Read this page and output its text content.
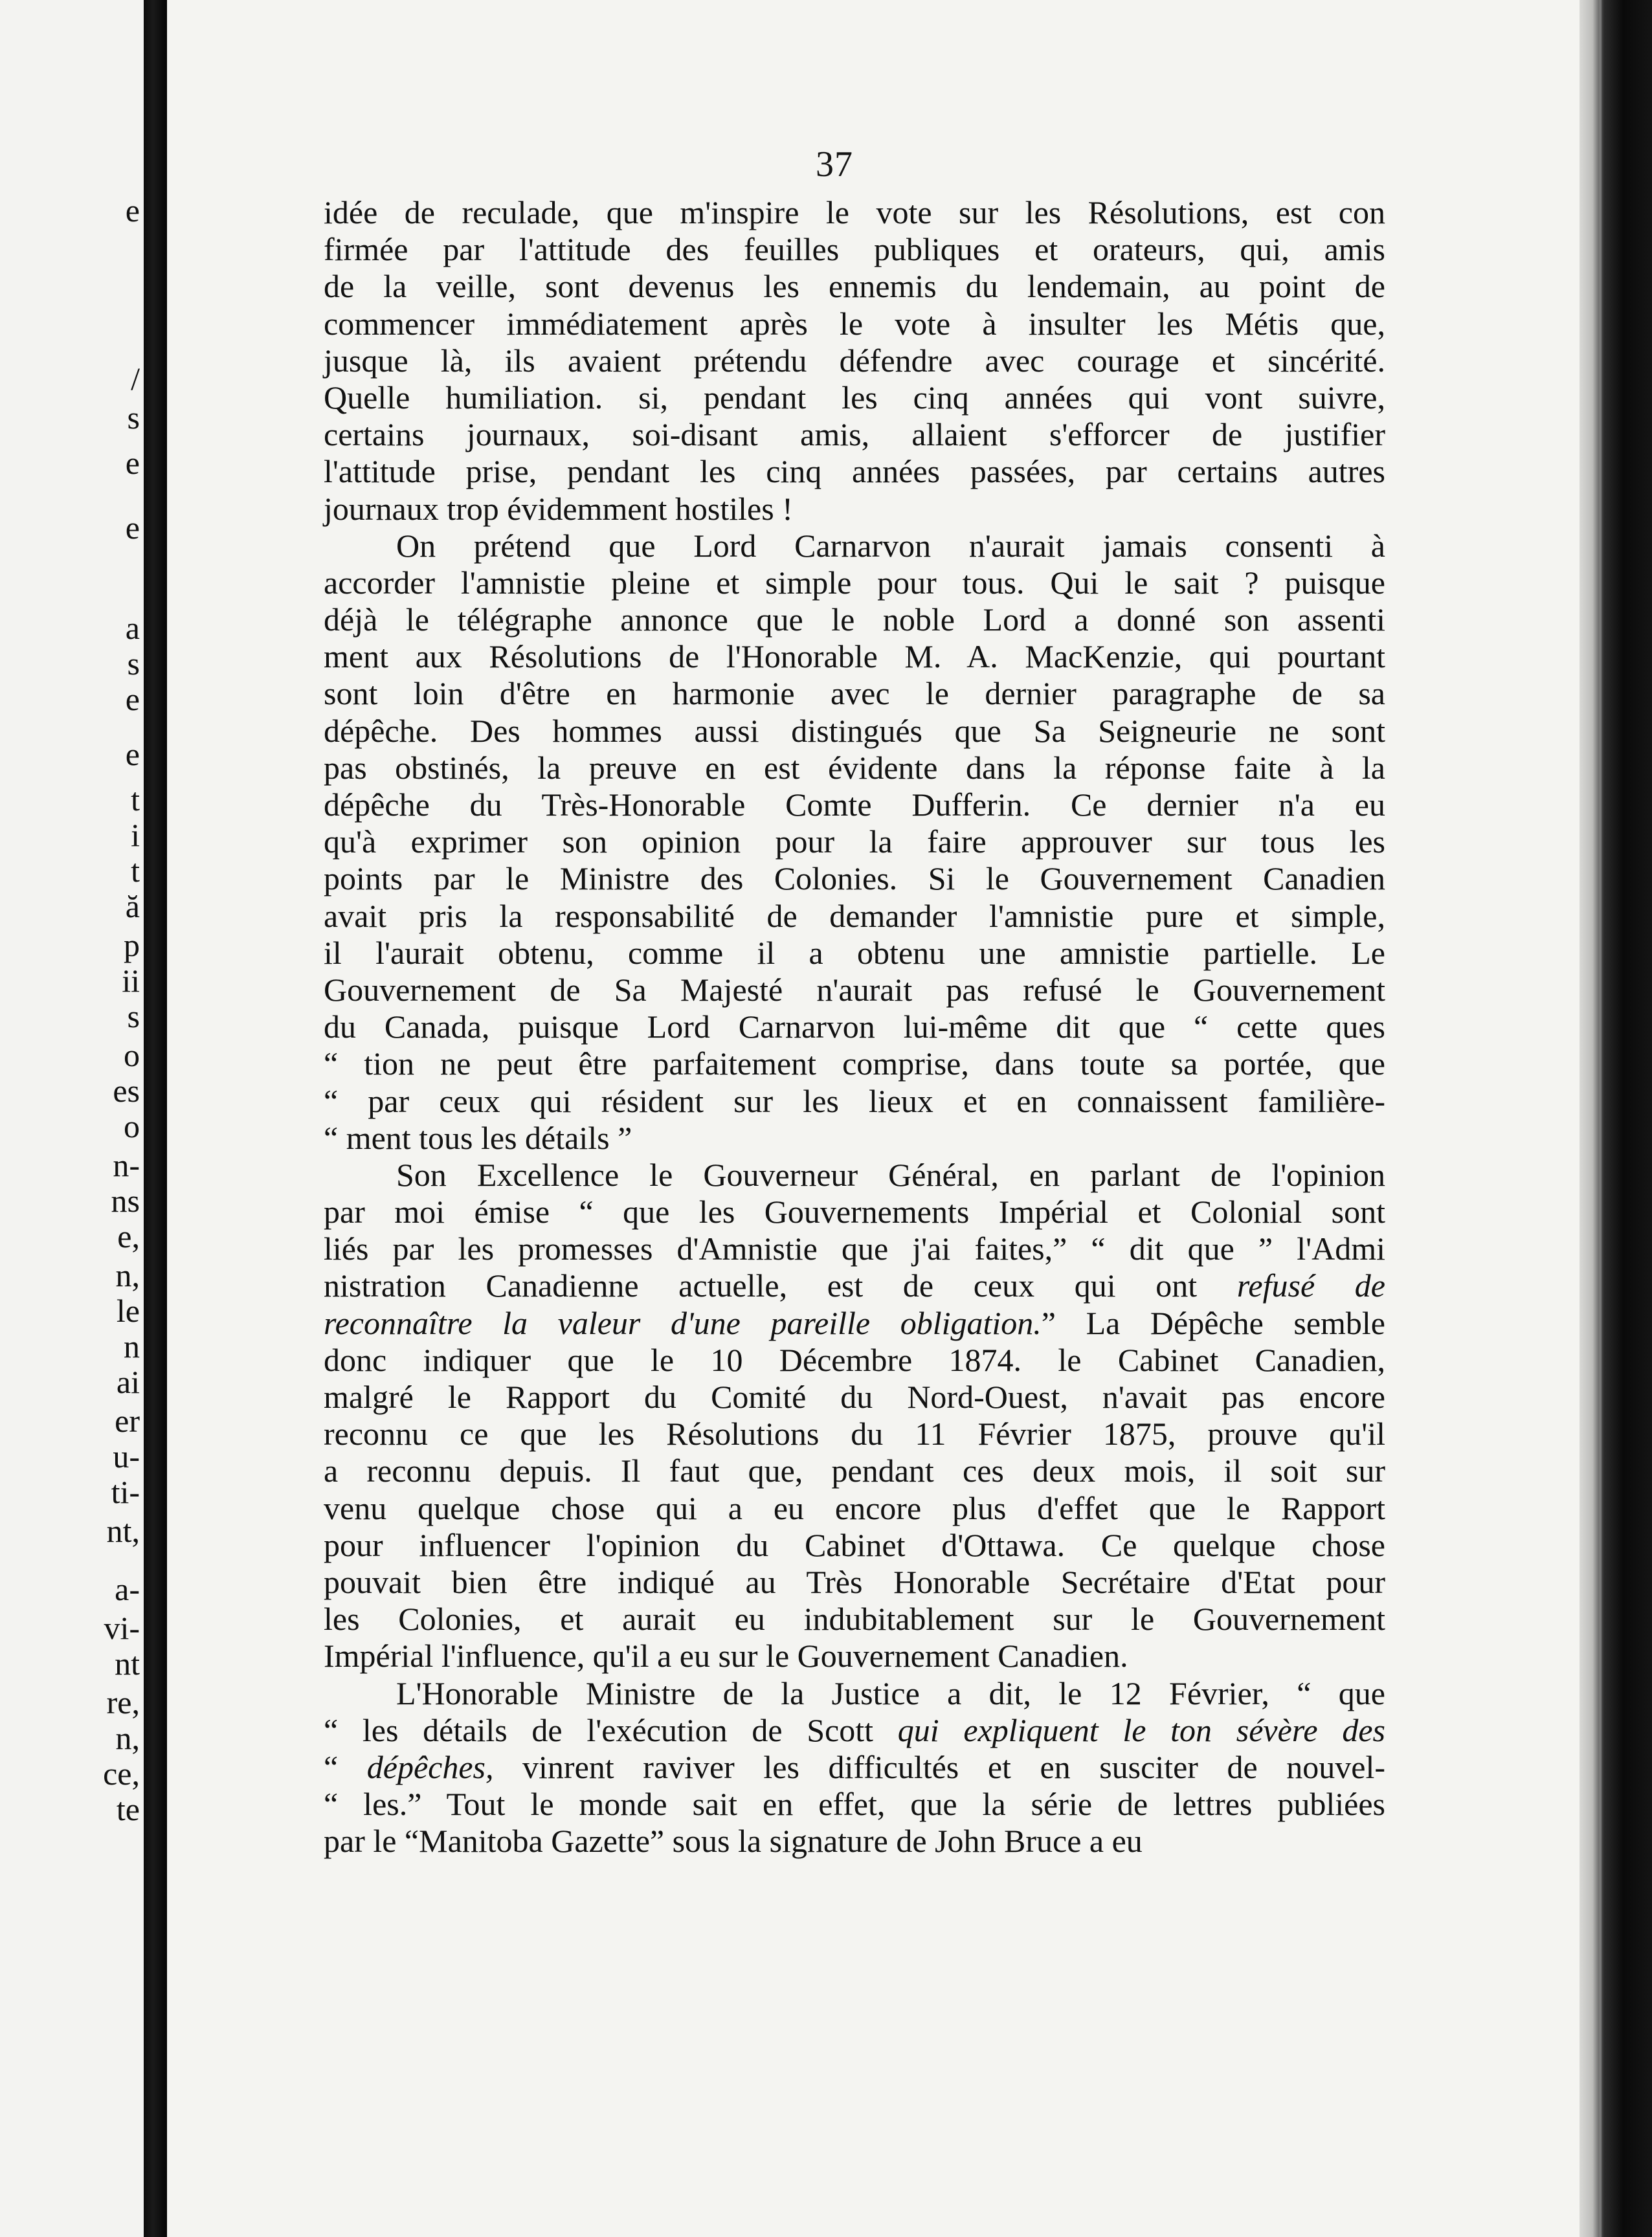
e
/
s
e
e
a
s
e
e
t
i
t
ă
p
ii
s
o
es
o
n-
ns
e,
n,
le
n
ai
er
u-
ti-
nt,
a-
vi-
nt
re,
n,
ce,
te
37
idée de reculade, que m'inspire le vote sur les Résolutions, est con
firmée par l'attitude des feuilles publiques et orateurs, qui, amis
de la veille, sont devenus les ennemis du lendemain, au point de
commencer immédiatement après le vote à insulter les Métis que,
jusque là, ils avaient prétendu défendre avec courage et sincérité.
Quelle humiliation. si, pendant les cinq années qui vont suivre,
certains journaux, soi-disant amis, allaient s'efforcer de justifier
l'attitude prise, pendant les cinq années passées, par certains autres
journaux trop évidemment hostiles !
On prétend que Lord Carnarvon n'aurait jamais consenti à
accorder l'amnistie pleine et simple pour tous. Qui le sait ? puisque
déjà le télégraphe annonce que le noble Lord a donné son assenti
ment aux Résolutions de l'Honorable M. A. MacKenzie, qui pourtant
sont loin d'être en harmonie avec le dernier paragraphe de sa
dépêche. Des hommes aussi distingués que Sa Seigneurie ne sont
pas obstinés, la preuve en est évidente dans la réponse faite à la
dépêche du Très-Honorable Comte Dufferin. Ce dernier n'a eu
qu'à exprimer son opinion pour la faire approuver sur tous les
points par le Ministre des Colonies. Si le Gouvernement Canadien
avait pris la responsabilité de demander l'amnistie pure et simple,
il l'aurait obtenu, comme il a obtenu une amnistie partielle. Le
Gouvernement de Sa Majesté n'aurait pas refusé le Gouvernement
du Canada, puisque Lord Carnarvon lui-même dit que “ cette ques
“ tion ne peut être parfaitement comprise, dans toute sa portée, que
“ par ceux qui résident sur les lieux et en connaissent familière-
“ ment tous les détails ”
Son Excellence le Gouverneur Général, en parlant de l'opinion
par moi émise “ que les Gouvernements Impérial et Colonial sont
liés par les promesses d'Amnistie que j'ai faites,” “ dit que ” l'Admi
nistration Canadienne actuelle, est de ceux qui ont refusé de
reconnaître la valeur d'une pareille obligation.” La Dépêche semble
donc indiquer que le 10 Décembre 1874. le Cabinet Canadien,
malgré le Rapport du Comité du Nord-Ouest, n'avait pas encore
reconnu ce que les Résolutions du 11 Février 1875, prouve qu'il
a reconnu depuis. Il faut que, pendant ces deux mois, il soit sur
venu quelque chose qui a eu encore plus d'effet que le Rapport
pour influencer l'opinion du Cabinet d'Ottawa. Ce quelque chose
pouvait bien être indiqué au Très Honorable Secrétaire d'Etat pour
les Colonies, et aurait eu indubitablement sur le Gouvernement
Impérial l'influence, qu'il a eu sur le Gouvernement Canadien.
L'Honorable Ministre de la Justice a dit, le 12 Février, “ que
“ les détails de l'exécution de Scott qui expliquent le ton sévère des
“ dépêches, vinrent raviver les difficultés et en susciter de nouvel-
“ les.” Tout le monde sait en effet, que la série de lettres publiées
par le “Manitoba Gazette” sous la signature de John Bruce a eu
